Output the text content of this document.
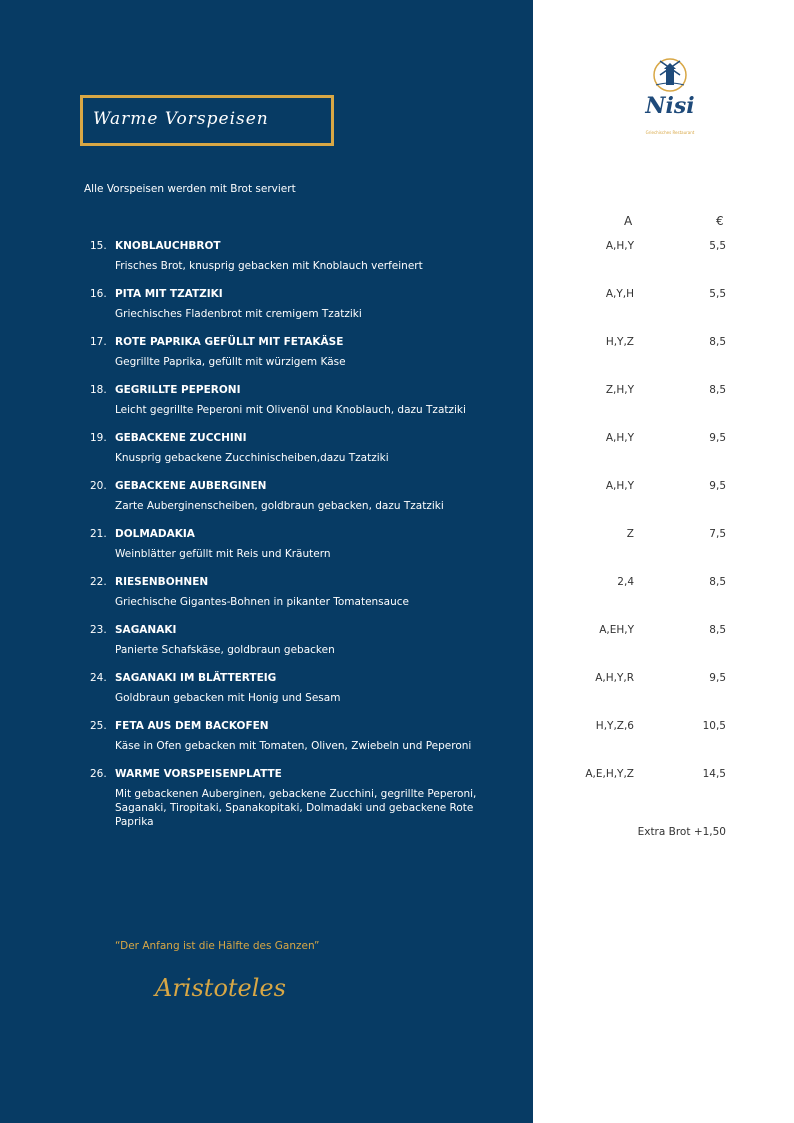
Warme Vorspeisen
Alle Vorspeisen werden mit Brot serviert
Nisi
Griechisches Restaurant
A	€
15. KNOBLAUCHBROT
Frisches Brot, knusprig gebacken mit Knoblauch verfeinert
A,H,Y	5,5
16. PITA MIT TZATZIKI
Griechisches Fladenbrot mit cremigem Tzatziki
A,Y,H	5,5
17. ROTE PAPRIKA GEFÜLLT MIT FETAKÄSE
Gegrillte Paprika, gefüllt mit würzigem Käse
H,Y,Z	8,5
18. GEGRILLTE PEPERONI
Leicht gegrillte Peperoni mit Olivenöl und Knoblauch, dazu Tzatziki
Z,H,Y	8,5
19. GEBACKENE ZUCCHINI
Knusprig gebackene Zucchinischeiben,dazu Tzatziki
A,H,Y	9,5
20. GEBACKENE AUBERGINEN
Zarte Auberginenscheiben, goldbraun gebacken, dazu Tzatziki
A,H,Y	9,5
21. DOLMADAKIA
Weinblätter gefüllt mit Reis und Kräutern
Z	7,5
22. RIESENBOHNEN
Griechische Gigantes-Bohnen in pikanter Tomatensauce
2,4	8,5
23. SAGANAKI
Panierte Schafskäse, goldbraun gebacken
A,EH,Y	8,5
24. SAGANAKI IM BLÄTTERTEIG
Goldbraun gebacken mit Honig und Sesam
A,H,Y,R	9,5
25. FETA AUS DEM BACKOFEN
Käse in Ofen gebacken mit Tomaten, Oliven, Zwiebeln und Peperoni
H,Y,Z,6	10,5
26. WARME VORSPEISENPLATTE
Mit gebackenen Auberginen, gebackene Zucchini, gegrillte Peperoni, Saganaki, Tiropitaki, Spanakopitaki, Dolmadaki und gebackene Rote Paprika
A,E,H,Y,Z	14,5
Extra Brot +1,50
“Der Anfang ist die Hälfte des Ganzen”
Aristoteles
